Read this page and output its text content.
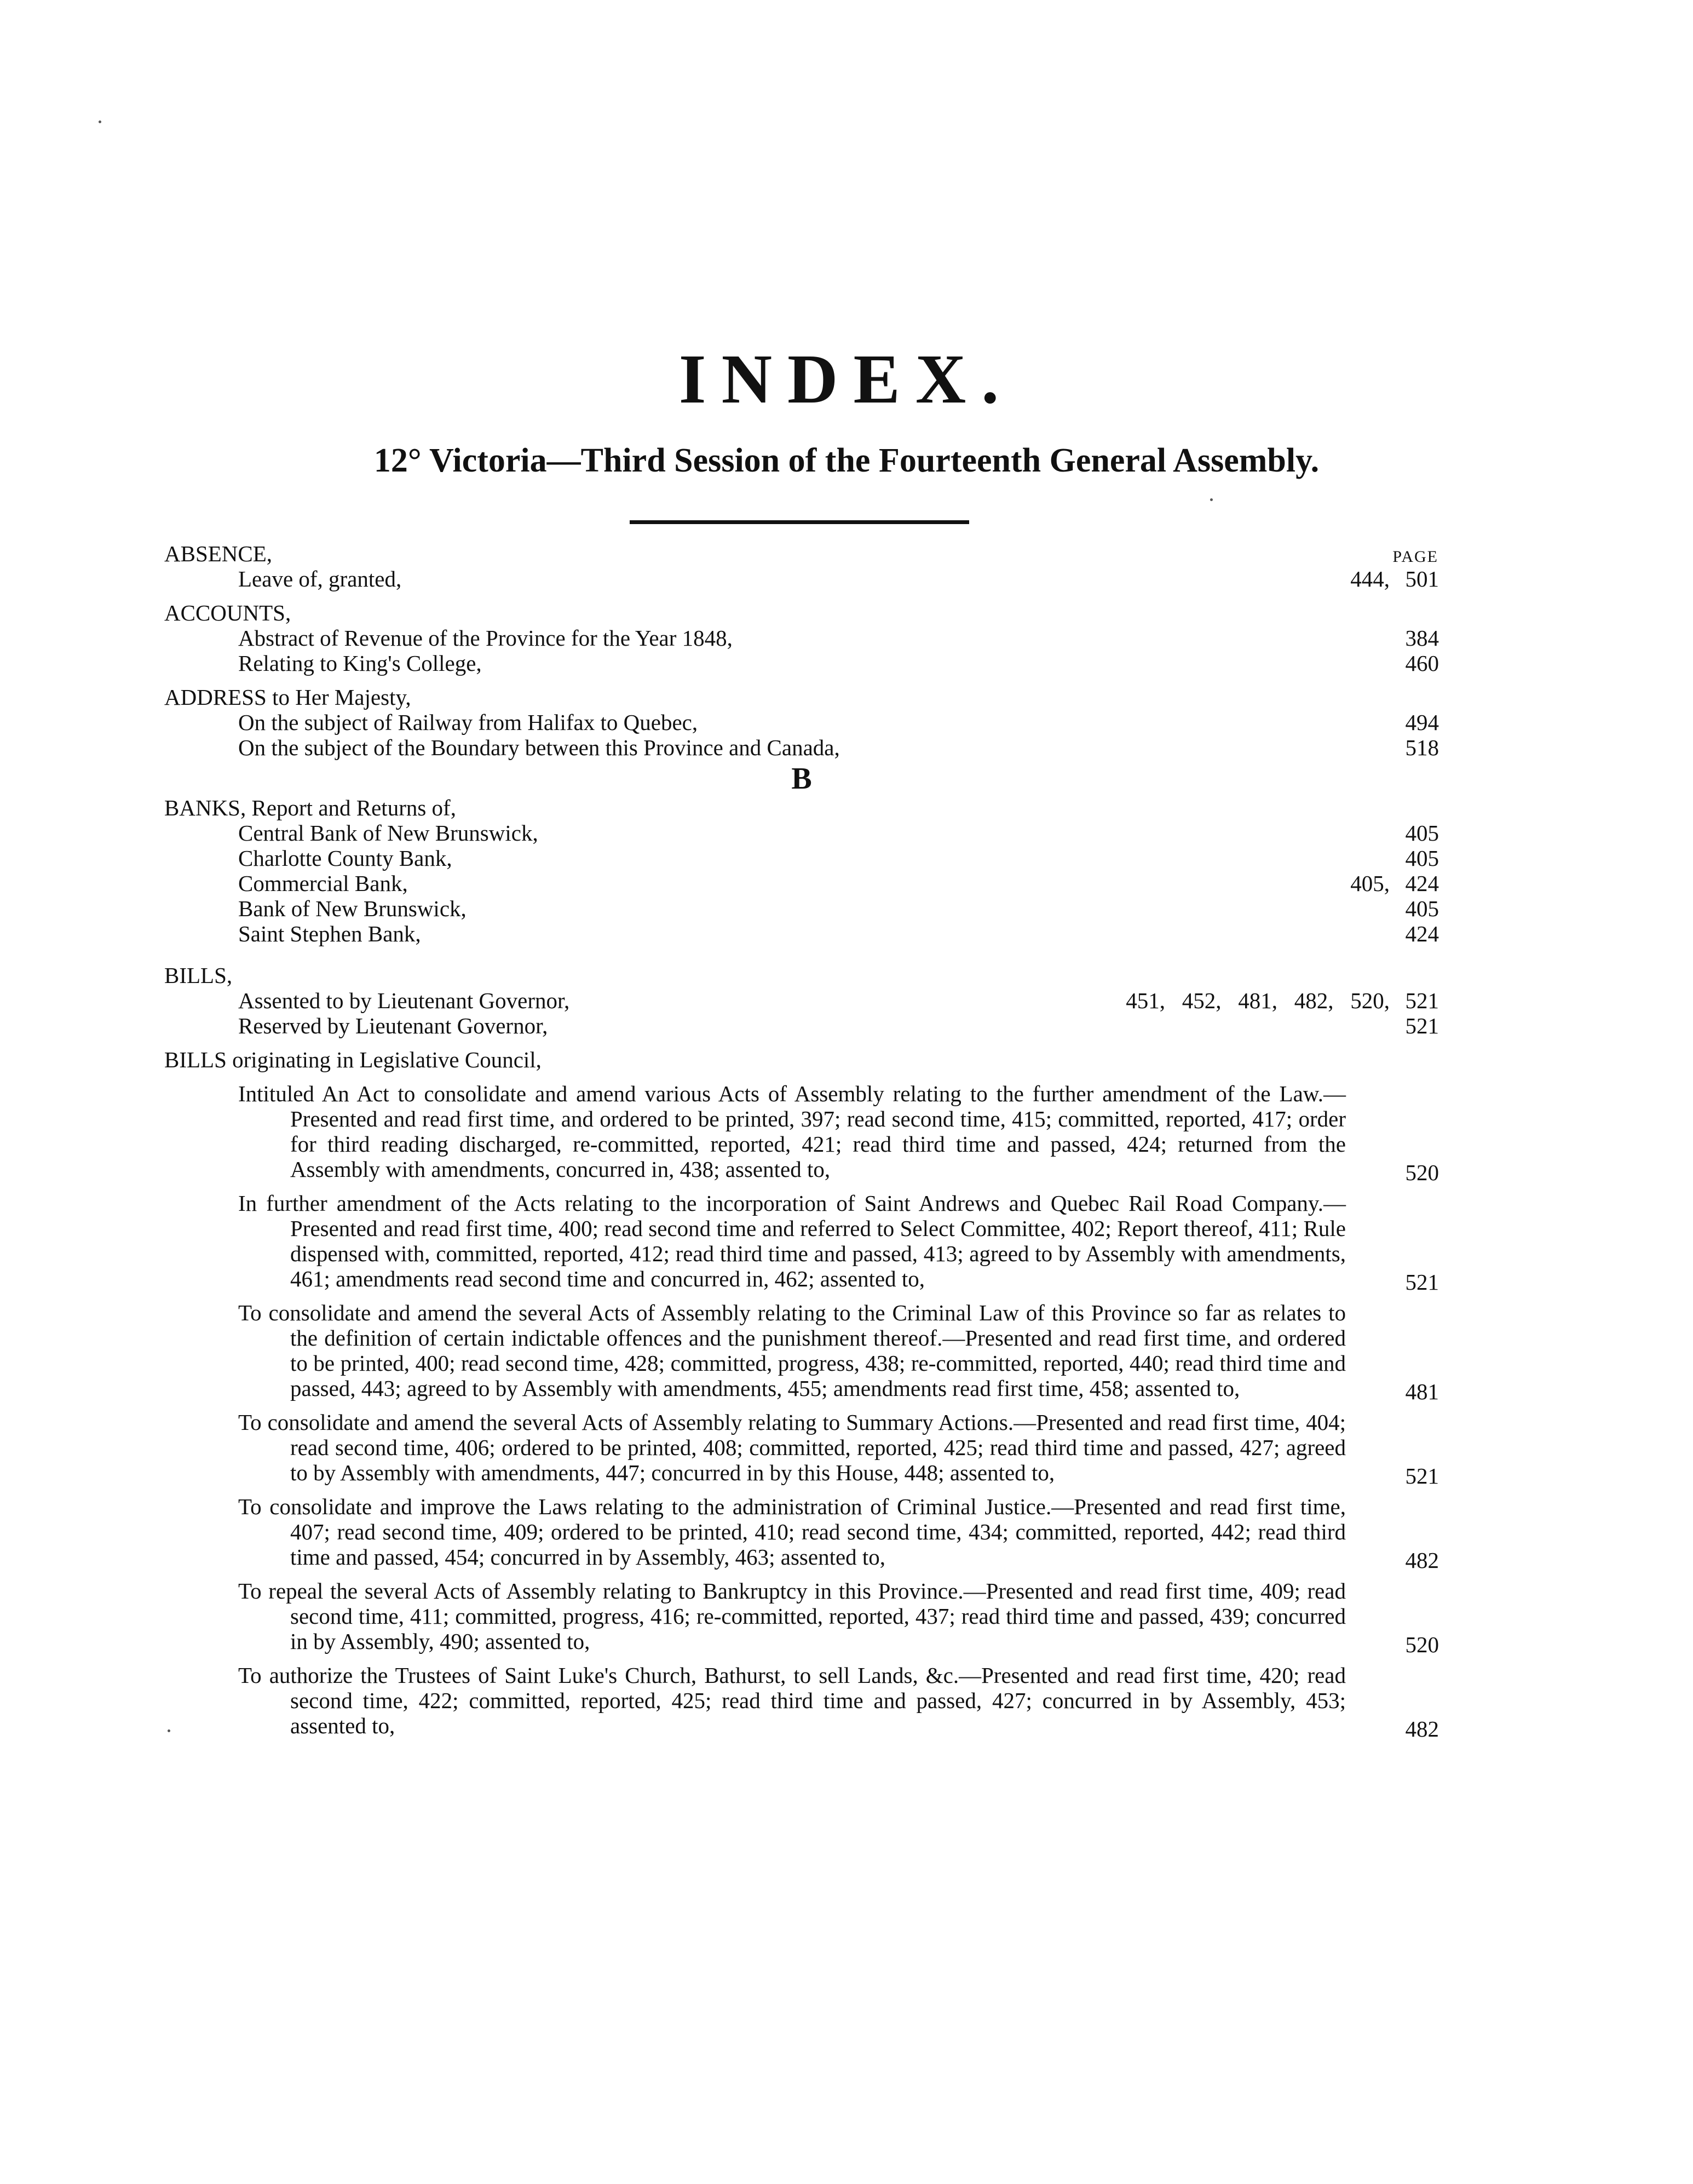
INDEX.
12° Victoria—Third Session of the Fourteenth General Assembly.
PAGE
ABSENCE,
Leave of, granted,	444, 501
ACCOUNTS,
Abstract of Revenue of the Province for the Year 1848,	384
Relating to King's College,	460
ADDRESS to Her Majesty,
On the subject of Railway from Halifax to Quebec,	494
On the subject of the Boundary between this Province and Canada,	518
B
BANKS, Report and Returns of,
Central Bank of New Brunswick,	405
Charlotte County Bank,	405
Commercial Bank,	405, 424
Bank of New Brunswick,	405
Saint Stephen Bank,	424
BILLS,
Assented to by Lieutenant Governor,	451,   452,   481,   482,   520, 521
Reserved by Lieutenant Governor,	521
BILLS originating in Legislative Council,
Intituled An Act to consolidate and amend various Acts of Assembly relating to the further amendment of the Law.—Presented and read first time, and ordered to be printed, 397; read second time, 415; committed, reported, 417; order for third reading discharged, re-committed, reported, 421; read third time and passed, 424; returned from the Assembly with amendments, concurred in, 438; assented to,	520
In further amendment of the Acts relating to the incorporation of Saint Andrews and Quebec Rail Road Company.—Presented and read first time, 400; read second time and referred to Select Committee, 402; Report thereof, 411; Rule dispensed with, committed, reported, 412; read third time and passed, 413; agreed to by Assembly with amendments, 461; amendments read second time and concurred in, 462; assented to,	521
To consolidate and amend the several Acts of Assembly relating to the Criminal Law of this Province so far as relates to the definition of certain indictable offences and the punishment thereof.—Presented and read first time, and ordered to be printed, 400; read second time, 428; committed, progress, 438; re-committed, reported, 440; read third time and passed, 443; agreed to by Assembly with amendments, 455; amendments read first time, 458; assented to,	481
To consolidate and amend the several Acts of Assembly relating to Summary Actions.—Presented and read first time, 404; read second time, 406; ordered to be printed, 408; committed, reported, 425; read third time and passed, 427; agreed to by Assembly with amendments, 447; concurred in by this House, 448; assented to,	521
To consolidate and improve the Laws relating to the administration of Criminal Justice.—Presented and read first time, 407; read second time, 409; ordered to be printed, 410; read second time, 434; committed, reported, 442; read third time and passed, 454; concurred in by Assembly, 463; assented to,	482
To repeal the several Acts of Assembly relating to Bankruptcy in this Province.—Presented and read first time, 409; read second time, 411; committed, progress, 416; re-committed, reported, 437; read third time and passed, 439; concurred in by Assembly, 490; assented to,	520
To authorize the Trustees of Saint Luke's Church, Bathurst, to sell Lands, &c.—Presented and read first time, 420; read second time, 422; committed, reported, 425; read third time and passed, 427; concurred in by Assembly, 453; assented to,	482
